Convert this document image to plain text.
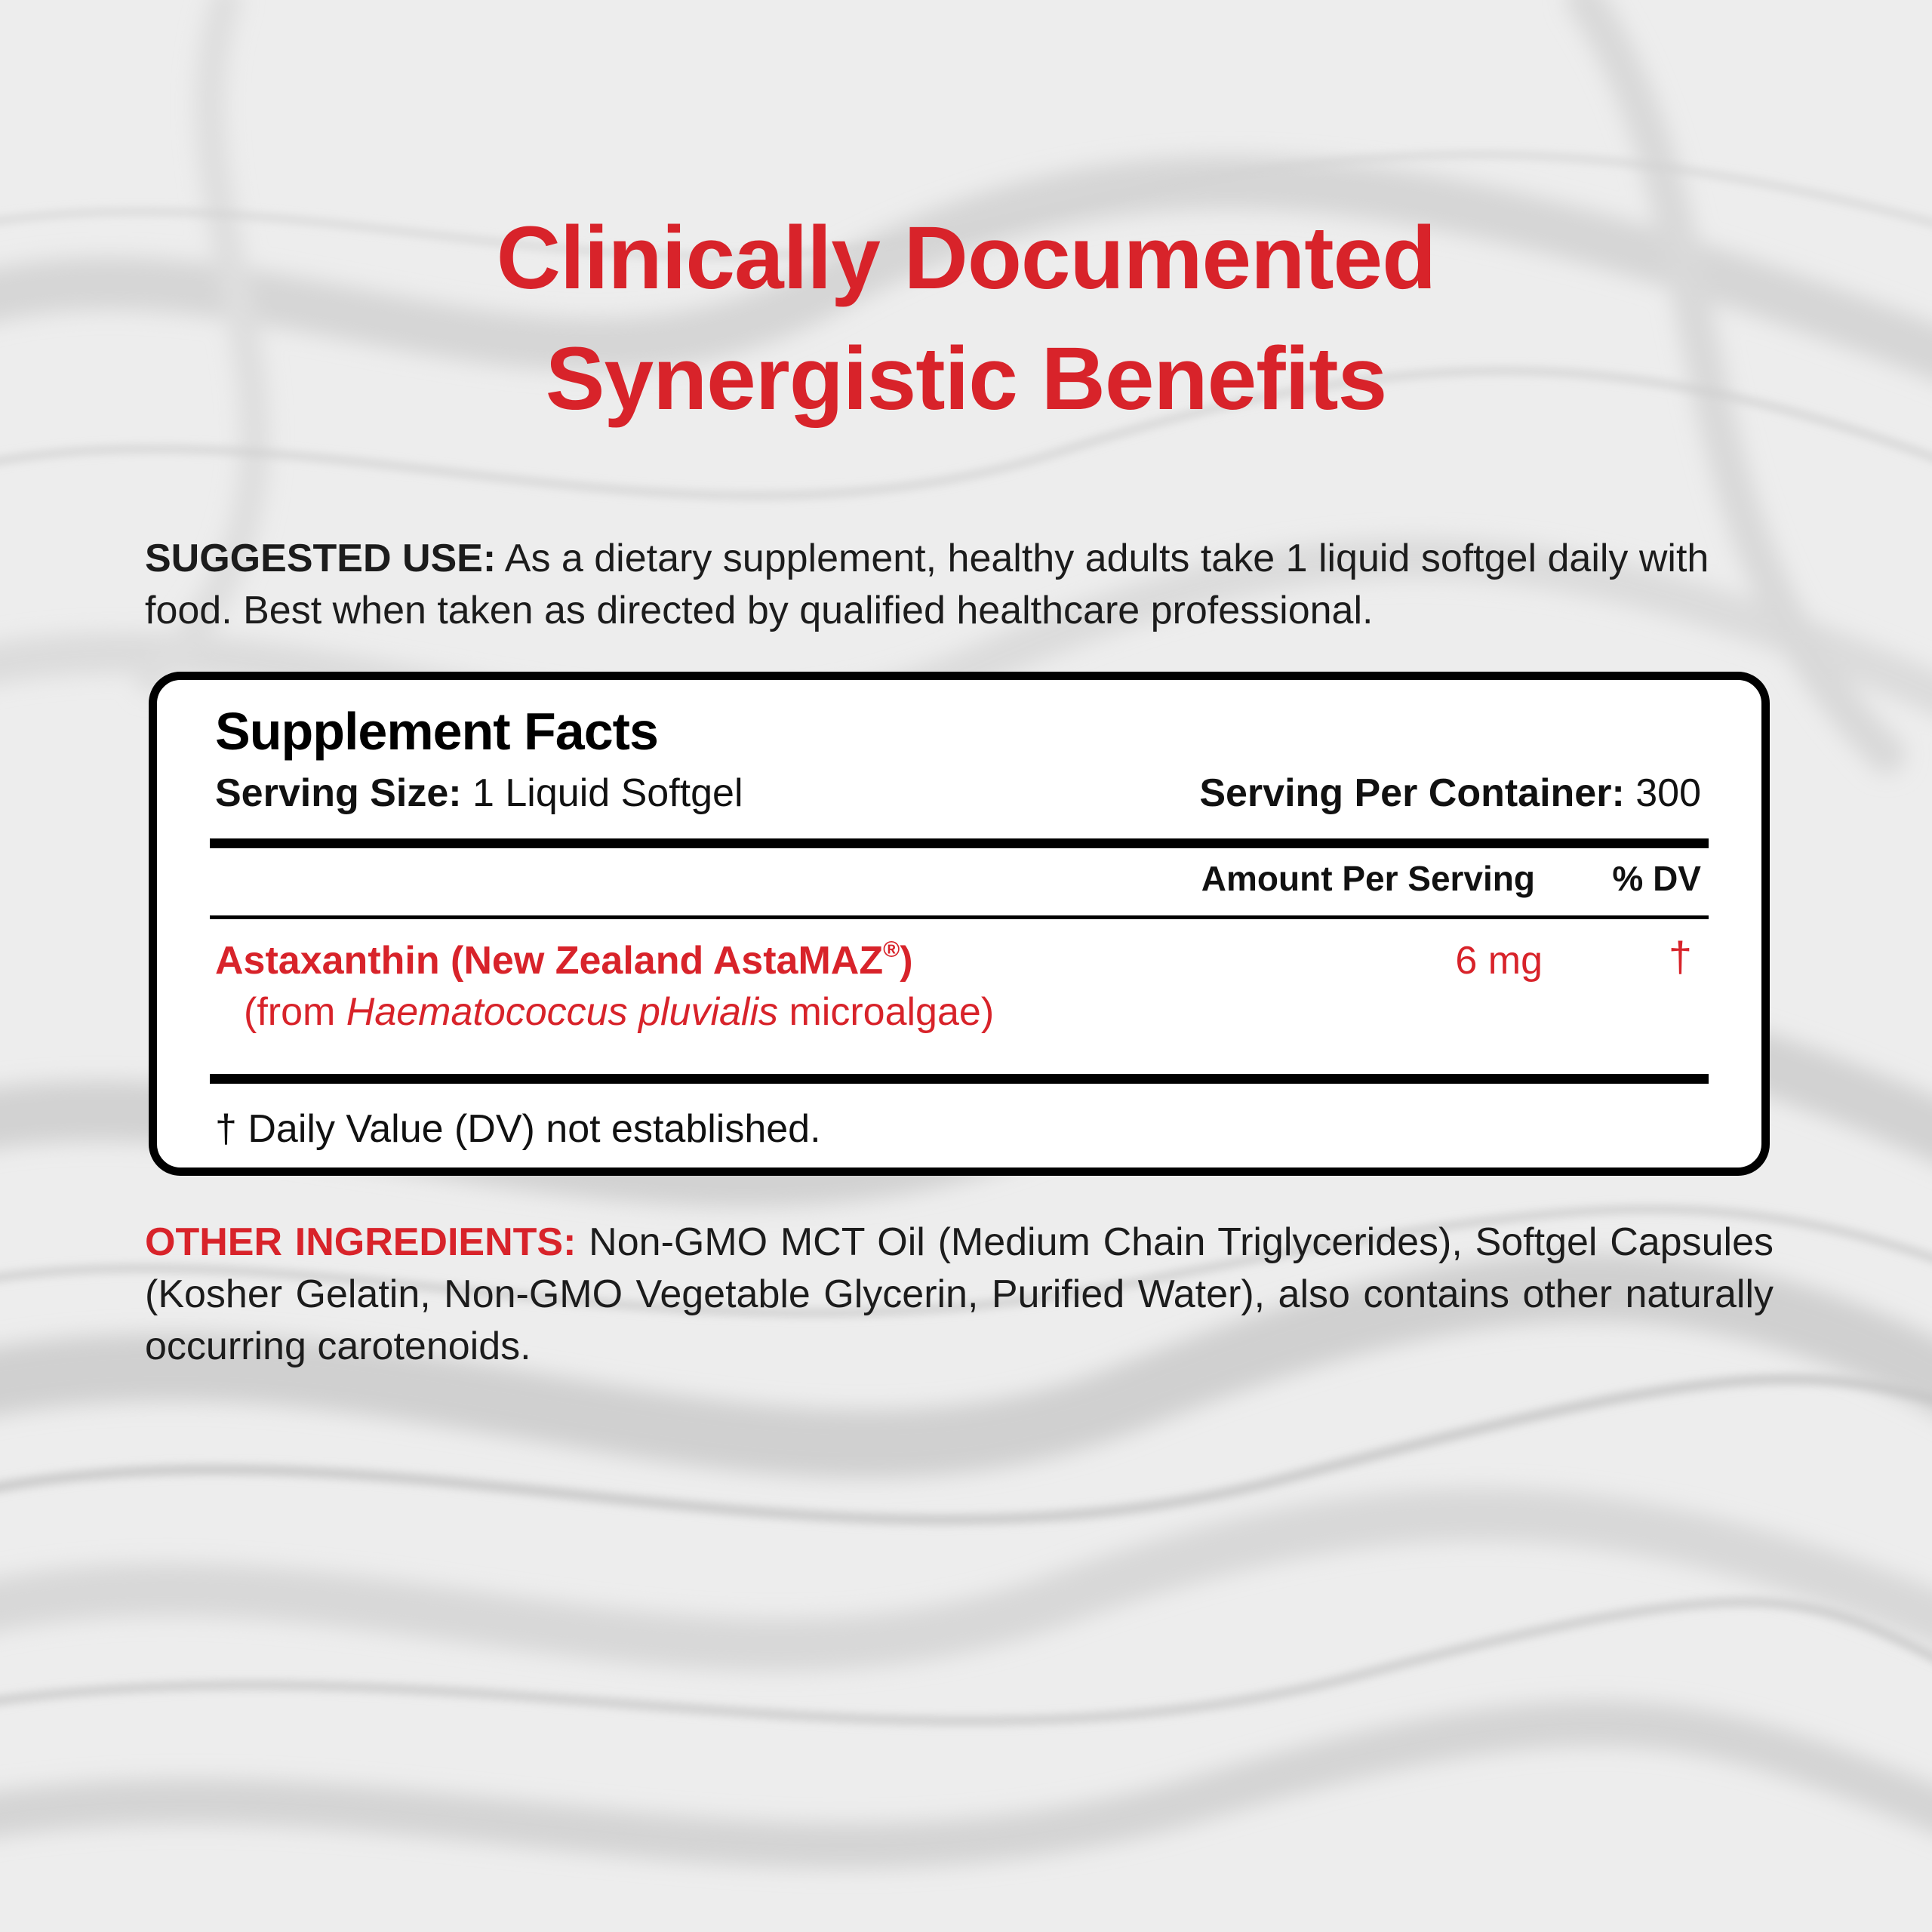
Clinically Documented
Synergistic Benefits

SUGGESTED USE: As a dietary supplement, healthy adults take 1 liquid softgel daily with food. Best when taken as directed by qualified healthcare professional.

Supplement Facts
Serving Size: 1 Liquid Softgel	Serving Per Container: 300
Amount Per Serving % DV
Astaxanthin (New Zealand AstaMAZ®)
(from Haematococcus pluvialis microalgae)
6 mg	†
† Daily Value (DV) not established.

OTHER INGREDIENTS: Non-GMO MCT Oil (Medium Chain Triglycerides), Softgel Capsules (Kosher Gelatin, Non-GMO Vegetable Glycerin, Purified Water), also contains other naturally occurring carotenoids.
